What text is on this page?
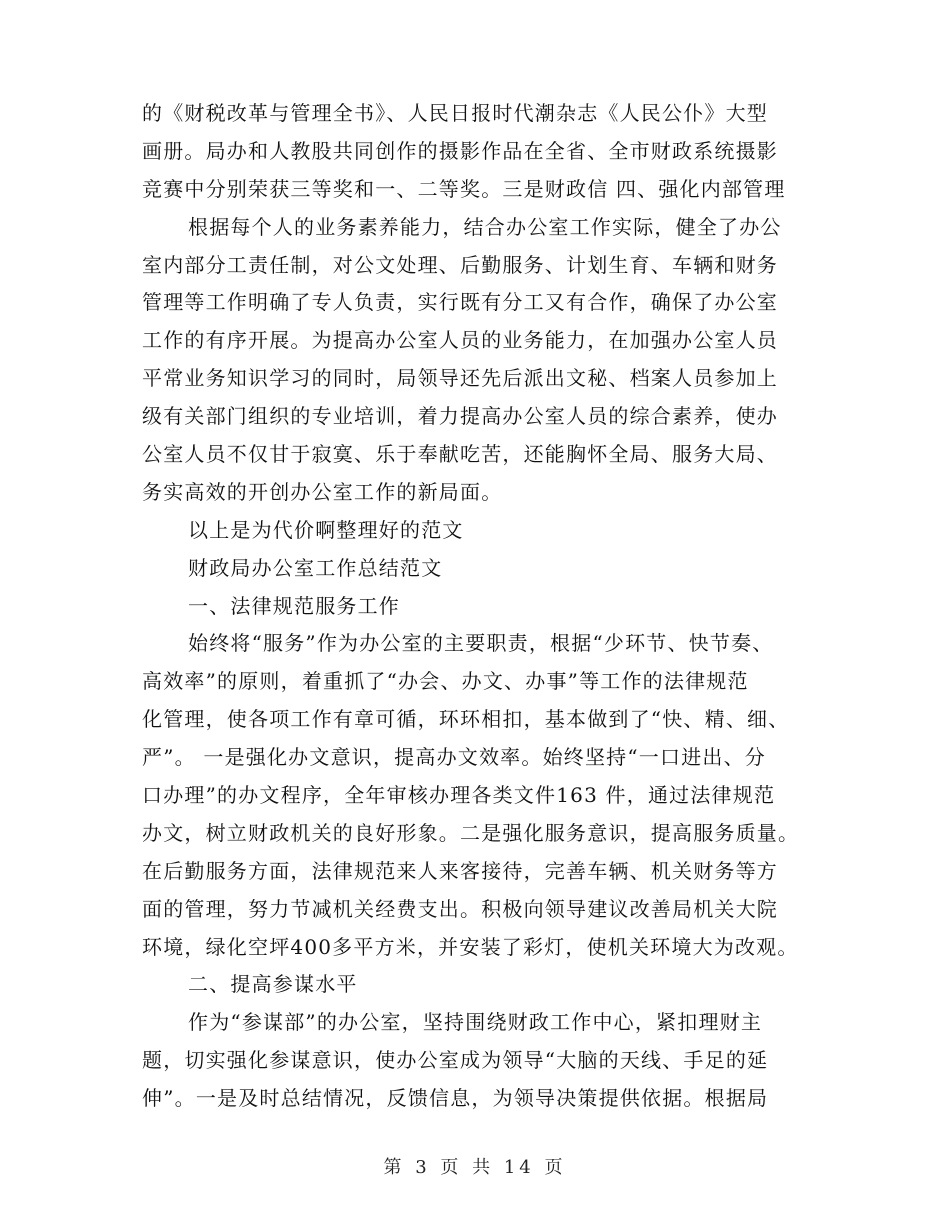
的《财税改革与管理全书》、人民日报时代潮杂志《人民公仆》大型
画册。局办和人教股共同创作的摄影作品在全省、全市财政系统摄影
竞赛中分别荣获三等奖和一、二等奖。三是财政信 四、强化内部管理
根据每个人的业务素养能力，结合办公室工作实际，健全了办公
室内部分工责任制，对公文处理、后勤服务、计划生育、车辆和财务
管理等工作明确了专人负责，实行既有分工又有合作，确保了办公室
工作的有序开展。为提高办公室人员的业务能力，在加强办公室人员
平常业务知识学习的同时，局领导还先后派出文秘、档案人员参加上
级有关部门组织的专业培训，着力提高办公室人员的综合素养，使办
公室人员不仅甘于寂寞、乐于奉献吃苦，还能胸怀全局、服务大局、
务实高效的开创办公室工作的新局面。
以上是为代价啊整理好的范文
财政局办公室工作总结范文
一、法律规范服务工作
始终将“服务”作为办公室的主要职责，根据“少环节、快节奏、
高效率”的原则，着重抓了“办会、办文、办事”等工作的法律规范
化管理，使各项工作有章可循，环环相扣，基本做到了“快、精、细、
严”。 一是强化办文意识，提高办文效率。始终坚持“一口进出、分
口办理”的办文程序，全年审核办理各类文件163 件，通过法律规范
办文，树立财政机关的良好形象。二是强化服务意识，提高服务质量。
在后勤服务方面，法律规范来人来客接待，完善车辆、机关财务等方
面的管理，努力节减机关经费支出。积极向领导建议改善局机关大院
环境，绿化空坪400多平方米，并安装了彩灯，使机关环境大为改观。
二、提高参谋水平
作为“参谋部”的办公室，坚持围绕财政工作中心，紧扣理财主
题，切实强化参谋意识，使办公室成为领导“大脑的天线、手足的延
伸”。一是及时总结情况，反馈信息，为领导决策提供依据。根据局
第 3 页 共 14 页
